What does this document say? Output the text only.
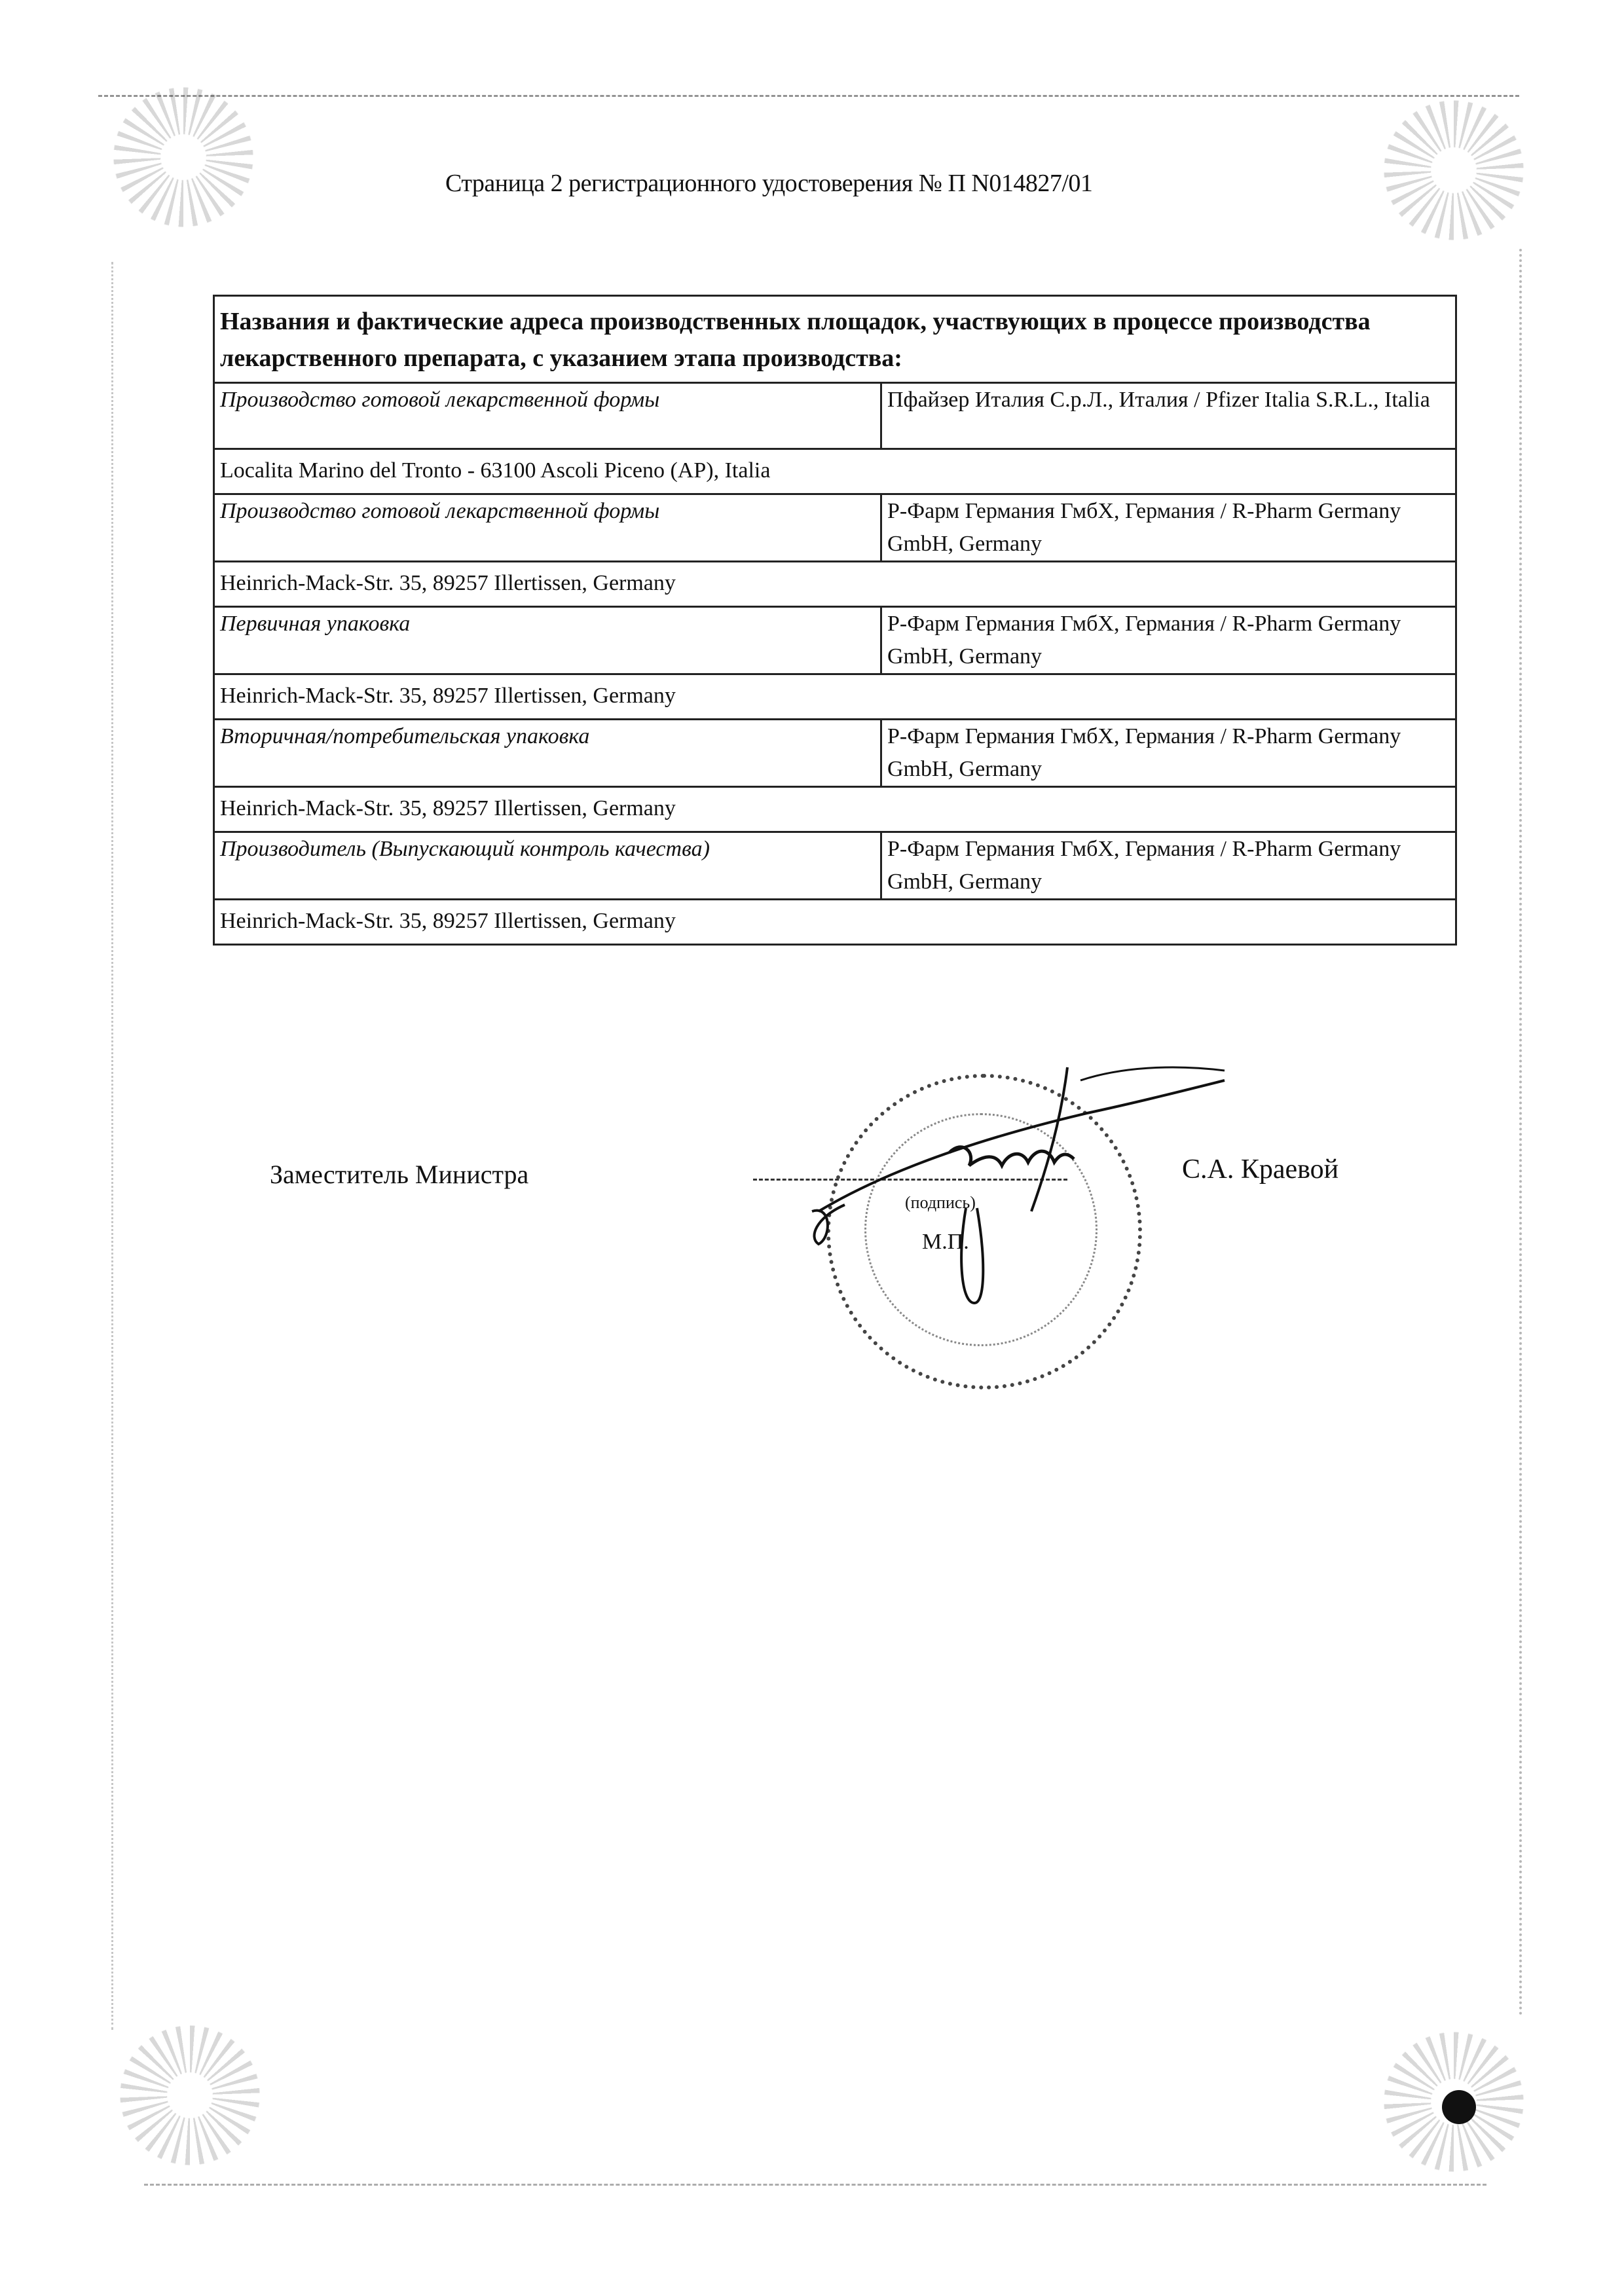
Страница 2 регистрационного удостоверения № П N014827/01
Названия и фактические адреса производственных площадок, участвующих в процессе производства лекарственного препарата, с указанием этапа производства:	
Производство готовой лекарственной формы	Пфайзер Италия С.р.Л., Италия / Pfizer Italia S.R.L., Italia
Localita Marino del Tronto - 63100 Ascoli Piceno (AP), Italia	
Производство готовой лекарственной формы	Р-Фарм Германия ГмбХ, Германия / R-Pharm Germany GmbH, Germany
Heinrich-Mack-Str. 35, 89257 Illertissen, Germany	
Первичная упаковка	Р-Фарм Германия ГмбХ, Германия / R-Pharm Germany GmbH, Germany
Heinrich-Mack-Str. 35, 89257 Illertissen, Germany	
Вторичная/потребительская упаковка	Р-Фарм Германия ГмбХ, Германия / R-Pharm Germany GmbH, Germany
Heinrich-Mack-Str. 35, 89257 Illertissen, Germany	
Производитель (Выпускающий контроль качества)	Р-Фарм Германия ГмбХ, Германия / R-Pharm Germany GmbH, Germany
Heinrich-Mack-Str. 35, 89257 Illertissen, Germany	
Заместитель Министра
(подпись)
М.П.
С.А. Краевой
